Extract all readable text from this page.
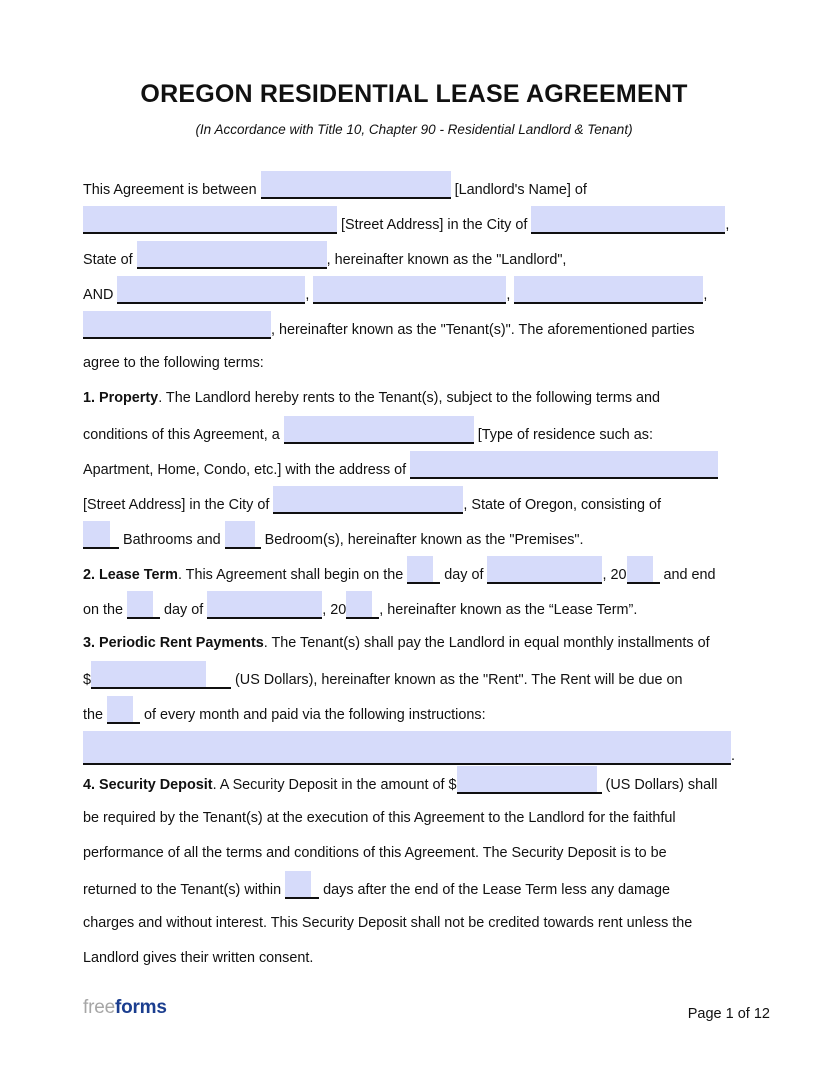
OREGON RESIDENTIAL LEASE AGREEMENT
(In Accordance with Title 10, Chapter 90 - Residential Landlord & Tenant)
This Agreement is between	[Landlord's Name] of
[Street Address] in the City of	,
State of	, hereinafter known as the "Landlord",
AND	,	,	,
, hereinafter known as the "Tenant(s)". The aforementioned parties
agree to the following terms:
1. Property. The Landlord hereby rents to the Tenant(s), subject to the following terms and
conditions of this Agreement, a	[Type of residence such as:
Apartment, Home, Condo, etc.] with the address of
[Street Address] in the City of	, State of Oregon, consisting of
Bathrooms and	Bedroom(s), hereinafter known as the "Premises".
2. Lease Term. This Agreement shall begin on the
day of	, 20
and end
on the
day of	, 20 , hereinafter known as the “Lease Term”.
3. Periodic Rent Payments. The Tenant(s) shall pay the Landlord in equal monthly installments of
$	(US Dollars), hereinafter known as the "Rent". The Rent will be due on
the
of every month and paid via the following instructions:
.
4. Security Deposit. A Security Deposit in the amount of $	(US Dollars) shall
be required by the Tenant(s) at the execution of this Agreement to the Landlord for the faithful
performance of all the terms and conditions of this Agreement. The Security Deposit is to be
returned to the Tenant(s) within
days after the end of the Lease Term less any damage
charges and without interest. This Security Deposit shall not be credited towards rent unless the
Landlord gives their written consent.
freeforms	Page 1 of 12
